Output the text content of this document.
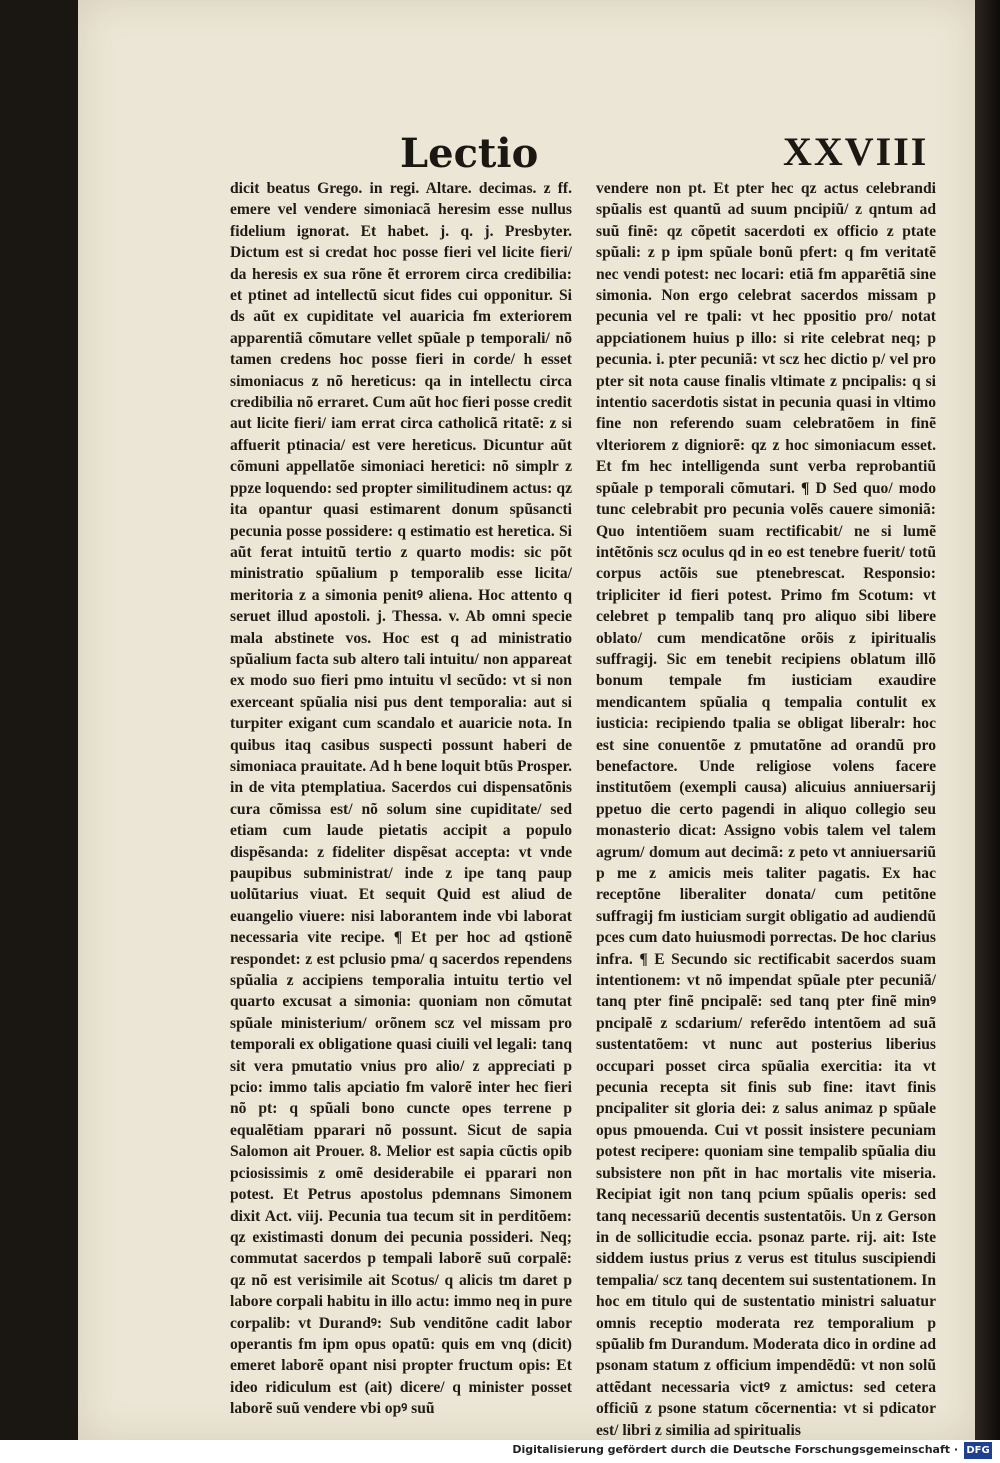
Lectio	XXVIII

dicit beatus Grego. in regi. Altare. decimas. z ff. emere vel vendere simoniacã heresim esse nullus fidelium ignorat. Et habet. j. q. j. Presbyter. Dictum est si credat hoc posse fieri vel licite fieri/ da heresis ex sua rõne ẽt errorem circa credibilia: et ptinet ad intellectũ sicut fides cui opponitur. Si ds aũt ex cupiditate vel auaricia fm exteriorem apparentiã cõmutare vellet spũale p temporali/ nõ tamen credens hoc posse fieri in corde/ h esset simoniacus z nõ hereticus: qa in intellectu circa credibilia nõ erraret. Cum aũt hoc fieri posse credit aut licite fieri/ iam errat circa catholicã ritatẽ: z si affuerit ptinacia/ est vere hereticus. Dicuntur aũt cõmuni appellatõe simoniaci heretici: nõ simplr z ppze loquendo: sed propter similitudinem actus: qz ita opantur quasi estimarent donum spũsancti pecunia posse possidere: q estimatio est heretica. Si aũt ferat intuitũ tertio z quarto modis: sic põt ministratio spũalium p temporalib esse licita/ meritoria z a simonia penitꝰ aliena. Hoc attento q seruet illud apostoli. j. Thessa. v. Ab omni specie mala abstinete vos. Hoc est q ad ministratio spũalium facta sub altero tali intuitu/ non appareat ex modo suo fieri pmo intuitu vl secũdo: vt si non exerceant spũalia nisi pus dent temporalia: aut si turpiter exigant cum scandalo et auaricie nota. In quibus itaq casibus suspecti possunt haberi de simoniaca prauitate. Ad h bene loquit btũs Prosper. in de vita ptemplatiua. Sacerdos cui dispensatõnis cura cõmissa est/ nõ solum sine cupiditate/ sed etiam cum laude pietatis accipit a populo dispẽsanda: z fideliter dispẽsat accepta: vt vnde paupibus subministrat/ inde z ipe tanq paup uolũtarius viuat. Et sequit Quid est aliud de euangelio viuere: nisi laborantem inde vbi laborat necessaria vite recipe. ¶ Et per hoc ad qstionẽ respondet: z est pclusio pma/ q sacerdos rependens spũalia z accipiens temporalia intuitu tertio vel quarto excusat a simonia: quoniam non cõmutat spũale ministerium/ orõnem scz vel missam pro temporali ex obligatione quasi ciuili vel legali: tanq sit vera pmutatio vnius pro alio/ z appreciati p pcio: immo talis apciatio fm valorẽ inter hec fieri nõ pt: q spũali bono cuncte opes terrene p equalẽtiam pparari nõ possunt. Sicut de sapia Salomon ait Prouer. 8. Melior est sapia cũctis opib pciosissimis z omẽ desiderabile ei pparari non potest. Et Petrus apostolus pdemnans Simonem dixit Act. viij. Pecunia tua tecum sit in perditõem: qz existimasti donum dei pecunia possideri. Neq; commutat sacerdos p tempali laborẽ suũ corpalẽ: qz nõ est verisimile ait Scotus/ q alicis tm daret p labore corpali habitu in illo actu: immo neq in pure corpalib: vt Durandꝰ: Sub venditõne cadit labor operantis fm ipm opus opatũ: quis em vnq (dicit) emeret laborẽ opant nisi propter fructum opis: Et ideo ridiculum est (ait) dicere/ q minister posset laborẽ suũ vendere vbi opꝰ suũ

vendere non pt. Et pter hec qz actus celebrandi spũalis est quantũ ad suum pncipiũ/ z qntum ad suũ finẽ: qz cõpetit sacerdoti ex officio z ptate spũali: z p ipm spũale bonũ pfert: q fm veritatẽ nec vendi potest: nec locari: etiã fm apparẽtiã sine simonia. Non ergo celebrat sacerdos missam p pecunia vel re tpali: vt hec ppositio pro/ notat appciationem huius p illo: si rite celebrat neq; p pecunia. i. pter pecuniã: vt scz hec dictio p/ vel pro pter sit nota cause finalis vltimate z pncipalis: q si intentio sacerdotis sistat in pecunia quasi in vltimo fine non referendo suam celebratõem in finẽ vlteriorem z digniorẽ: qz z hoc simoniacum esset. Et fm hec intelligenda sunt verba reprobantiũ spũale p temporali cõmutari. ¶ D Sed quo/ modo tunc celebrabit pro pecunia volẽs cauere simoniã: Quo intentiõem suam rectificabit/ ne si lumẽ intẽtõnis scz oculus qd in eo est tenebre fuerit/ totũ corpus actõis sue ptenebrescat. Responsio: tripliciter id fieri potest. Primo fm Scotum: vt celebret p tempalib tanq pro aliquo sibi libere oblato/ cum mendicatõne orõis z ipiritualis suffragij. Sic em tenebit recipiens oblatum illõ bonum tempale fm iusticiam exaudire mendicantem spũalia q tempalia contulit ex iusticia: recipiendo tpalia se obligat liberalr: hoc est sine conuentõe z pmutatõne ad orandũ pro benefactore. Unde religiose volens facere institutõem (exempli causa) alicuius anniuersarij ppetuo die certo pagendi in aliquo collegio seu monasterio dicat: Assigno vobis talem vel talem agrum/ domum aut decimã: z peto vt anniuersariũ p me z amicis meis taliter pagatis. Ex hac receptõne liberaliter donata/ cum petitõne suffragij fm iusticiam surgit obligatio ad audiendũ pces cum dato huiusmodi porrectas. De hoc clarius infra. ¶ E Secundo sic rectificabit sacerdos suam intentionem: vt nõ impendat spũale pter pecuniã/ tanq pter finẽ pncipalẽ: sed tanq pter finẽ minꝰ pncipalẽ z scdarium/ referẽdo intentõem ad suã sustentatõem: vt nunc aut posterius liberius occupari posset circa spũalia exercitia: ita vt pecunia recepta sit finis sub fine: itavt finis pncipaliter sit gloria dei: z salus animaz p spũale opus pmouenda. Cui vt possit insistere pecuniam potest recipere: quoniam sine tempalib spũalia diu subsistere non pñt in hac mortalis vite miseria. Recipiat igit non tanq pcium spũalis operis: sed tanq necessariũ decentis sustentatõis. Un z Gerson in de sollicitudie eccia. psonaz parte. rij. ait: Iste siddem iustus prius z verus est titulus suscipiendi tempalia/ scz tanq decentem sui sustentationem. In hoc em titulo qui de sustentatio ministri saluatur omnis receptio moderata rez temporalium p spũalib fm Durandum. Moderata dico in ordine ad psonam statum z officium impendẽdũ: vt non solũ attẽdant necessaria victꝰ z amictus: sed cetera officiũ z psone statum cõcernentia: vt si pdicator est/ libri z similia ad spiritualis

Digitalisierung gefördert durch die Deutsche Forschungsgemeinschaft · DFG
